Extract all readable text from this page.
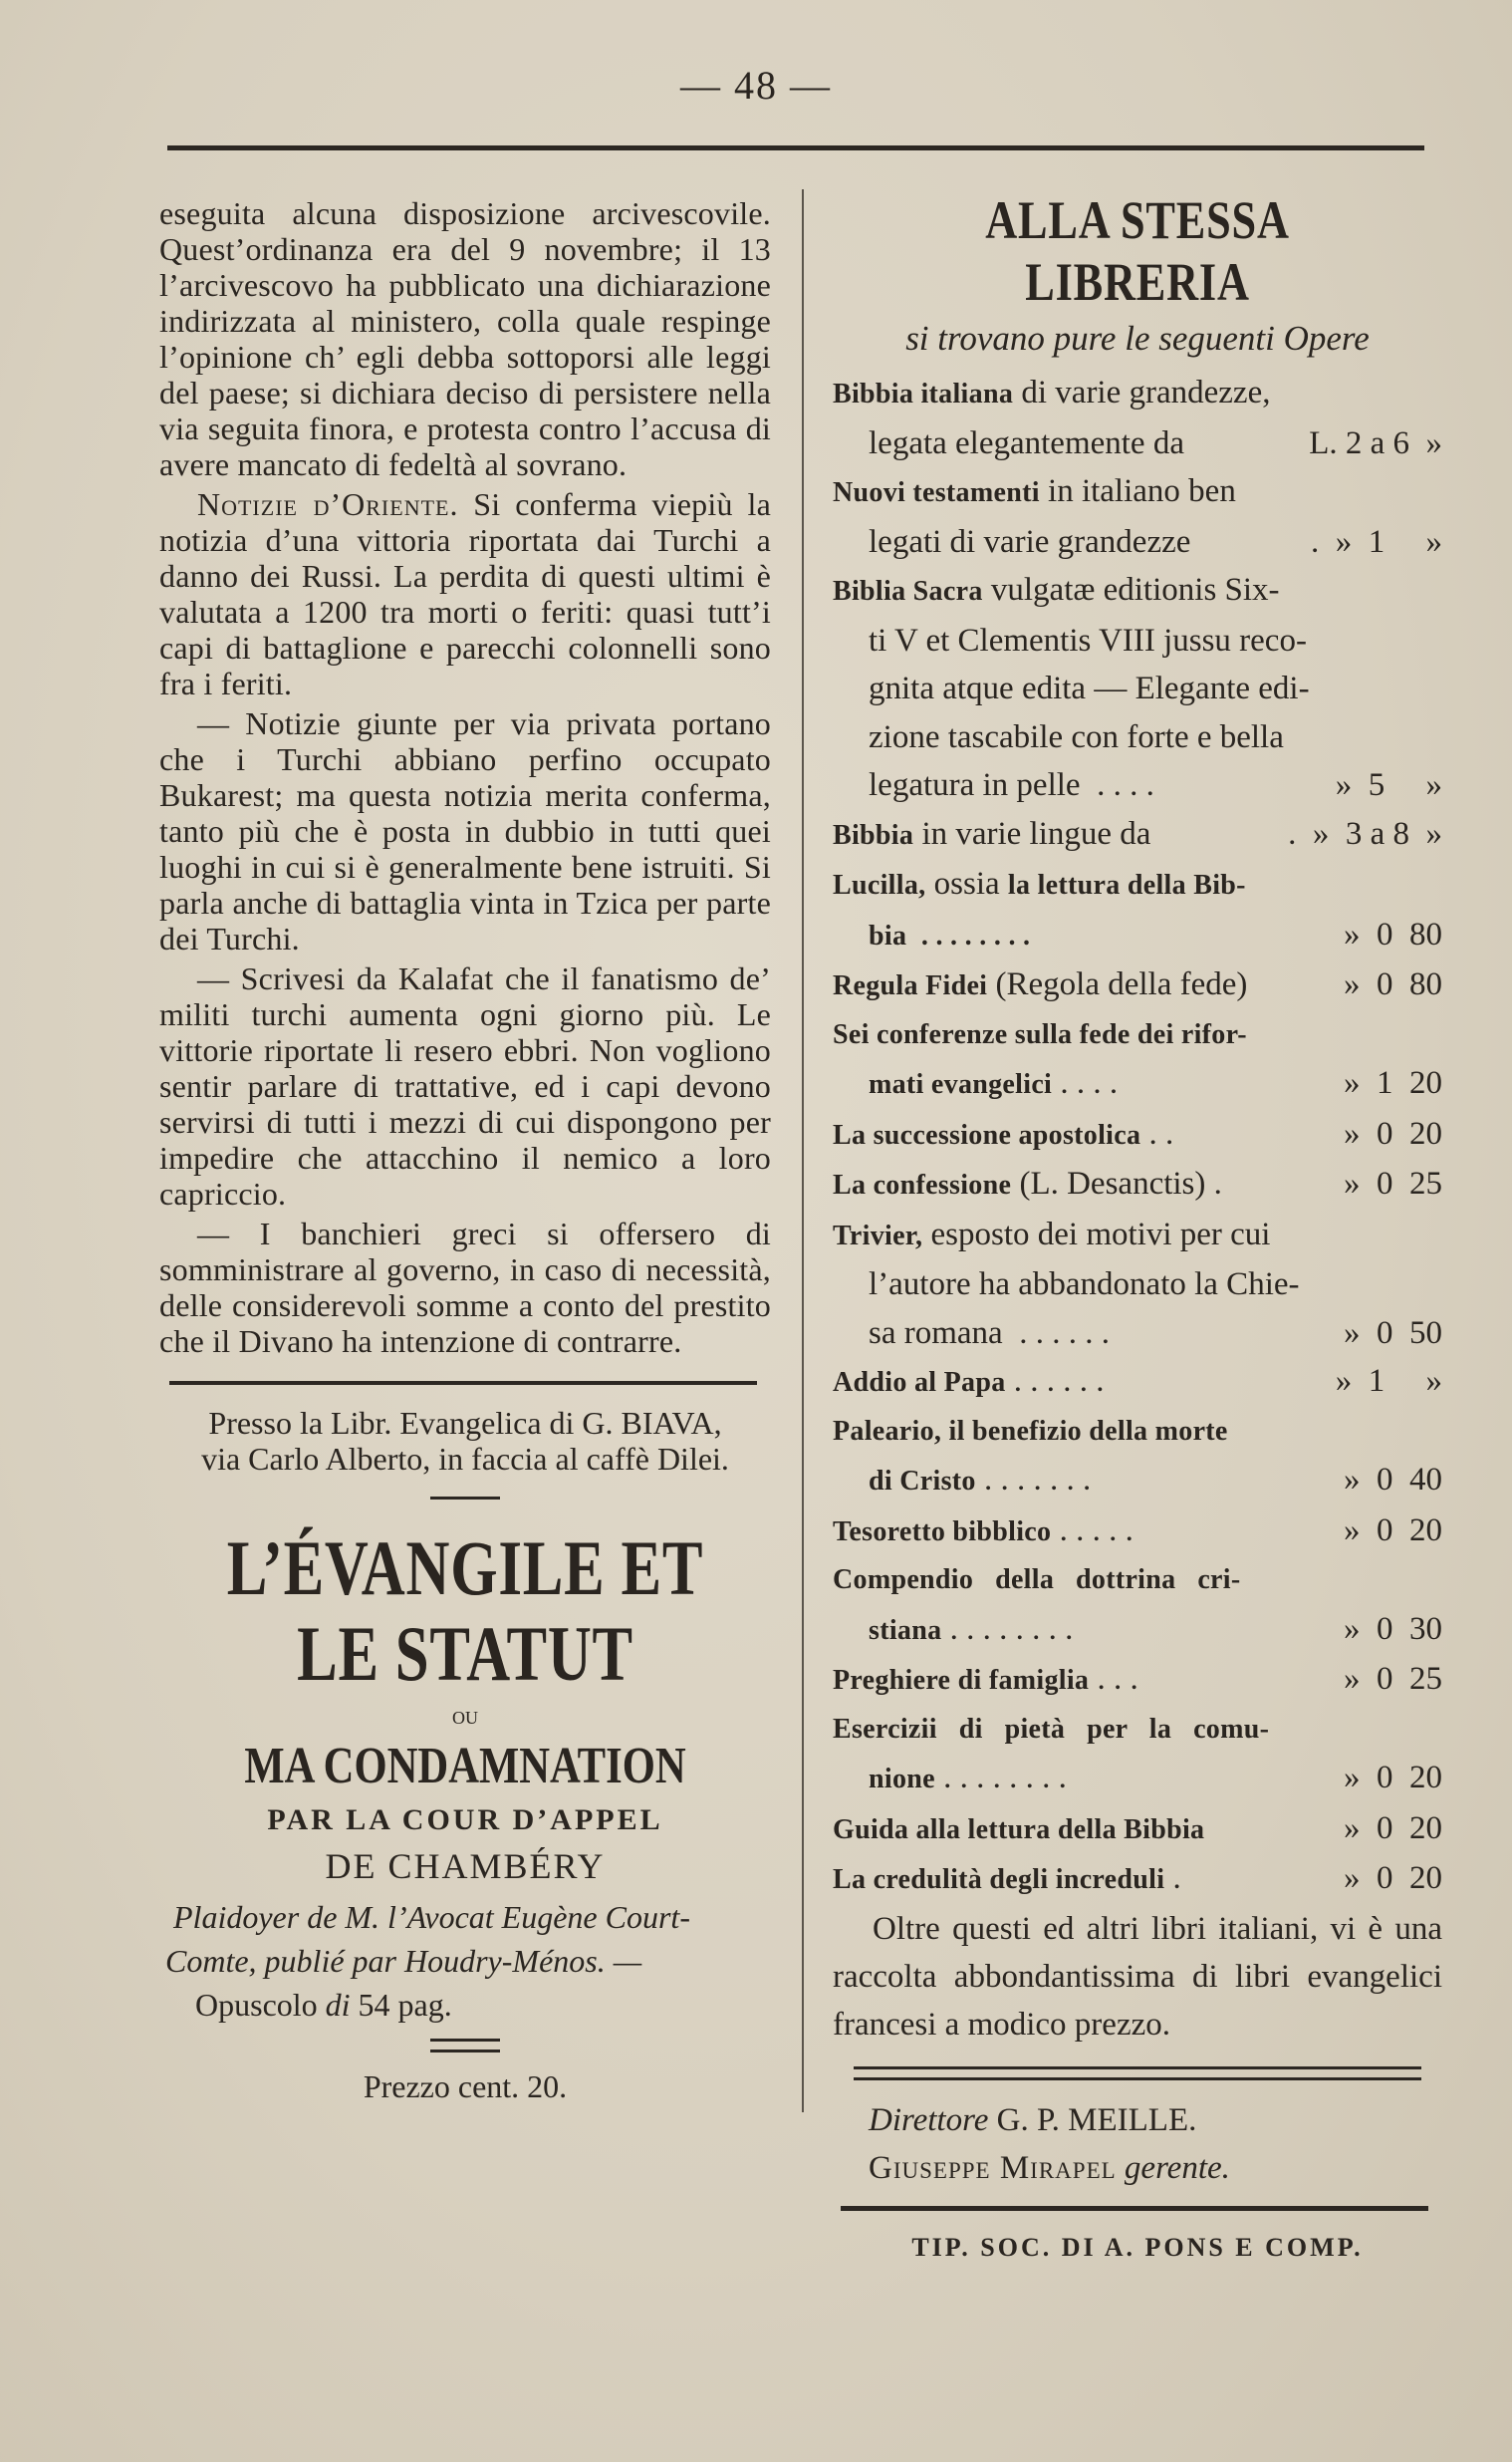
— 48 —

eseguita alcuna disposizione arcivescovile. Quest’ordinanza era del 9 novembre; il 13 l’arcivescovo ha pubblicato una dichiarazione indirizzata al ministero, colla quale respinge l’opinione ch’ egli debba sottoporsi alle leggi del paese; si dichiara deciso di persistere nella via seguita finora, e protesta contro l’accusa di avere mancato di fedeltà al sovrano.

Notizie d’Oriente. Si conferma viepiù la notizia d’una vittoria riportata dai Turchi a danno dei Russi. La perdita di questi ultimi è valutata a 1200 tra morti o feriti: quasi tutt’i capi di battaglione e parecchi colonnelli sono fra i feriti.

— Notizie giunte per via privata portano che i Turchi abbiano perfino occupato Bukarest; ma questa notizia merita conferma, tanto più che è posta in dubbio in tutti quei luoghi in cui si è generalmente bene istruiti. Si parla anche di battaglia vinta in Tzica per parte dei Turchi.

— Scrivesi da Kalafat che il fanatismo de’ militi turchi aumenta ogni giorno più. Le vittorie riportate li resero ebbri. Non vogliono sentir parlare di trattative, ed i capi devono servirsi di tutti i mezzi di cui dispongono per impedire che attacchino il nemico a loro capriccio.

— I banchieri greci si offersero di somministrare al governo, in caso di necessità, delle considerevoli somme a conto del prestito che il Divano ha intenzione di contrarre.

Presso la Libr. Evangelica di G. BIAVA,

via Carlo Alberto, in faccia al caffè Dilei.

L’ÉVANGILE ET LE STATUT

ou

MA CONDAMNATION

PAR LA COUR D’APPEL

DE CHAMBÉRY

Plaidoyer de M. l’Avocat Eugène Court-Comte, publié par Houdry-Ménos. —

Opuscolo di 54 pag.

Prezzo cent. 20.

ALLA STESSA LIBRERIA

si trovano pure le seguenti Opere

Bibbia italiana di varie grandezze,
legata elegantemente da	L. 2 a 6  »
Nuovi testamenti in italiano ben
legati di varie grandezze	.  »  1     »
Biblia Sacra vulgatæ editionis Six-
ti V et Clementis VIII jussu reco-
gnita atque edita — Elegante edi-
zione tascabile con forte e bella
legatura in pelle  . . . .	»  5     »
Bibbia in varie lingue da	.  »  3 a 8  »
Lucilla, ossia la lettura della Bib-
bia  . . . . . . . .	»  0  80
Regula Fidei (Regola della fede)	»  0  80
Sei conferenze sulla fede dei rifor-
mati evangelici . . . .	»  1  20
La successione apostolica . .	»  0  20
La confessione (L. Desanctis) .	»  0  25
Trivier, esposto dei motivi per cui
l’autore ha abbandonato la Chie-
sa romana  . . . . . .	»  0  50
Addio al Papa . . . . . .	»  1     »
Paleario, il benefizio della morte
di Cristo . . . . . . .	»  0  40
Tesoretto bibblico . . . . .	»  0  20
Compendio   della   dottrina   cri-
stiana . . . . . . . .	»  0  30
Preghiere di famiglia . . .	»  0  25
Esercizii   di   pietà   per   la   comu-
nione . . . . . . . .	»  0  20
Guida alla lettura della Bibbia	»  0  20
La credulità degli increduli .	»  0  20

Oltre questi ed altri libri italiani, vi è una raccolta abbondantissima di libri evangelici francesi a modico prezzo.

Direttore G. P. MEILLE.

Giuseppe Mirapel gerente.

TIP. SOC. DI A. PONS E COMP.
